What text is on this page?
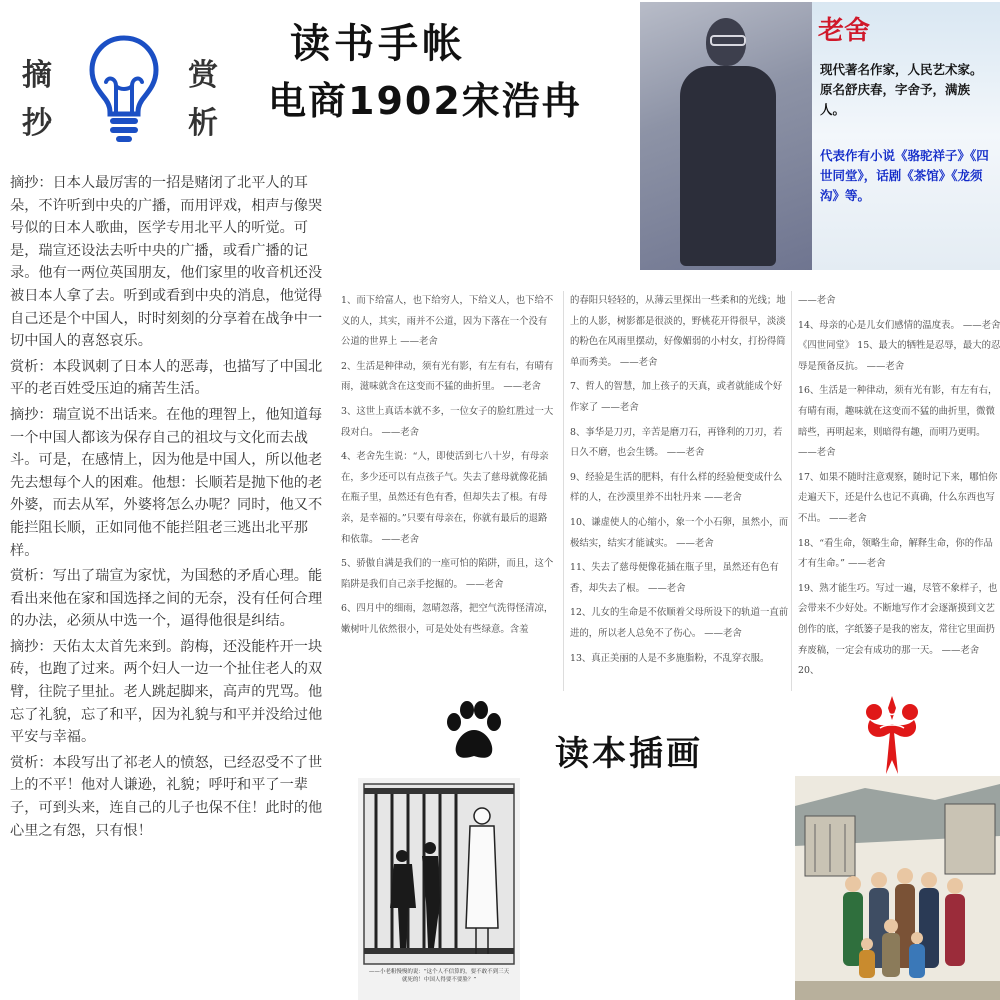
摘
抄
赏
析
读书手帐
电商1902宋浩冉

摘抄：日本人最厉害的一招是赌闭了北平人的耳朵，不许听到中央的广播，而用评戏，相声与像哭号似的日本人歌曲，医学专用北平人的听觉。可是，瑞宣还设法去听中央的广播，或看广播的记录。他有一两位英国朋友，他们家里的收音机还没被日本人拿了去。听到或看到中央的消息，他觉得自己还是个中国人，时时刻刻的分享着在战争中一切中国人的喜怒哀乐。

赏析：本段讽刺了日本人的恶毒，也描写了中国北平的老百姓受压迫的痛苦生活。

摘抄：瑞宣说不出话来。在他的理智上，他知道每一个中国人都该为保存自己的祖坟与文化而去战斗。可是，在感情上，因为他是中国人，所以他老先去想每个人的困难。他想：长顺若是抛下他的老外婆，而去从军，外婆将怎么办呢？同时，他又不能拦阻长顺，正如同他不能拦阻老三逃出北平那样。

赏析：写出了瑞宣为家忧，为国愁的矛盾心理。能看出来他在家和国选择之间的无奈，没有任何合理的办法，必须从中选一个，逼得他很是纠结。

摘抄：天佑太太首先来到。韵梅，还没能杵开一块砖，也跑了过来。两个妇人一边一个扯住老人的双臂，往院子里扯。老人跳起脚来，高声的咒骂。他忘了礼貌，忘了和平，因为礼貌与和平并没给过他平安与幸福。

赏析：本段写出了祁老人的愤怒，已经忍受不了世上的不平！他对人谦逊，礼貌；呼吁和平了一辈子，可到头来，连自己的儿子也保不住！此时的他心里之有怨，只有恨！

老舍
现代著名作家，人民艺术家。原名舒庆春，字舍予，满族人。
代表作有小说《骆驼祥子》《四世同堂》，话剧《茶馆》《龙须沟》等。

1、而下给富人，也下给穷人，下给义人，也下给不义的人，其实，雨并不公道，因为下落在一个没有公道的世界上 ——老舍

2、生活是种律动，须有光有影，有左有右，有晴有雨，滋味就含在这变而不猛的曲折里。 ——老舍

3、这世上真话本就不多，一位女子的脸红胜过一大段对白。 ——老舍

4、老舍先生说：“人，即使活到七八十岁，有母亲在，多少还可以有点孩子气。失去了慈母就像花插在瓶子里，虽然还有色有香，但却失去了根。有母亲，是幸福的。”只要有母亲在，你就有最后的退路和依靠。 ——老舍

5、骄傲自满是我们的一座可怕的陷阱，而且，这个陷阱是我们自己亲手挖掘的。 ——老舍

6、四月中的细雨，忽晴忽落，把空气洗得怪清凉，嫩树叶儿依然很小，可是处处有些绿意。含羞

的春阳只轻轻的，从薄云里探出一些柔和的光线；地上的人影，树影都是很淡的，野桃花开得很早，淡淡的粉色在风雨里摆动，好像媚弱的小村女，打扮得简单而秀美。 ——老舍

7、哲人的智慧，加上孩子的天真，或者就能成个好作家了 ——老舍

8、亊华是刀刃，辛苦是磨刀石，再锋利的刀刃，若日久不磨，也会生锈。 ——老舍

9、经验是生活的肥料，有什么样的经验便变成什么样的人，在沙漠里养不出牡丹来 ——老舍

10、谦虚使人的心缩小，象一个小石卵，虽然小，而极结实，结实才能诚实。 ——老舍

11、失去了慈母便像花插在瓶子里，虽然还有色有香，却失去了根。 ——老舍

12、儿女的生命是不依顺着父母所设下的轨道一直前进的，所以老人总免不了伤心。 ——老舍

13、真正美丽的人是不多施脂粉，不乱穿衣服。

——老舍

14、母亲的心是儿女们感情的温度表。 ——老舍《四世同堂》 15、最大的牺牲是忍辱，最大的忍辱是预备反抗。 ——老舍

16、生活是一种律动，须有光有影，有左有右，有晴有雨，趣味就在这变而不猛的曲折里，微微暗些，再明起来，则暗得有趣，而明乃更明。 ——老舍

17、如果不随时注意观察，随时记下来，哪怕你走遍天下，还是什么也记不真确，什么东西也写不出。 ——老舍

18、“看生命，领略生命，解释生命，你的作品才有生命。” ——老舍

19、熟才能生巧。写过一遍，尽管不象样子，也会带来不少好处。不断地写作才会逐渐摸到文艺创作的底，字纸篓子是我的密友，常往它里面扔弃废稿，一定会有成功的那一天。 ——老舍 20、

读本插画
——小老粗慢慢的说：“这个人不信算的，要不敢不到三天就死的！中国人得要不要脸？”
